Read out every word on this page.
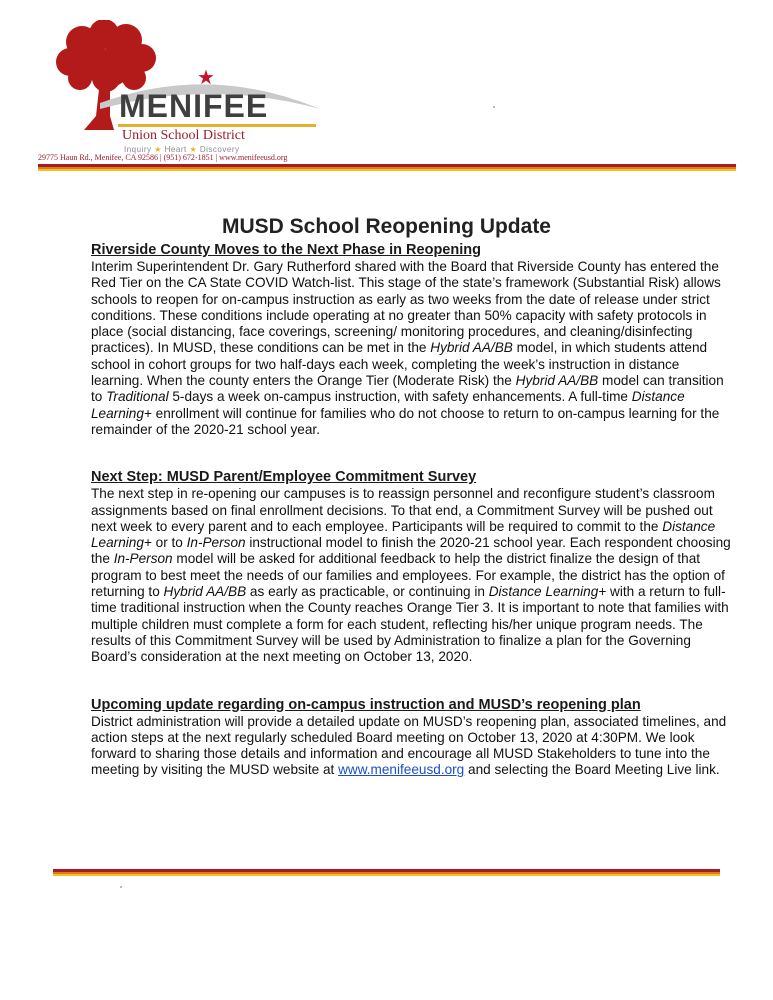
★
MENIFEE
Union School District
Inquiry ★ Heart ★ Discovery
29775 Haun Rd., Menifee, CA 92586 | (951) 672-1851 | www.menifeeusd.org
MUSD School Reopening Update
Riverside County Moves to the Next Phase in Reopening

Interim Superintendent Dr. Gary Rutherford shared with the Board that Riverside County has entered the Red Tier on the CA State COVID Watch-list. This stage of the state’s framework (Substantial Risk) allows schools to reopen for on-campus instruction as early as two weeks from the date of release under strict conditions. These conditions include operating at no greater than 50% capacity with safety protocols in place (social distancing, face coverings, screening/ monitoring procedures, and cleaning/disinfecting practices). In MUSD, these conditions can be met in the Hybrid AA/BB model, in which students attend school in cohort groups for two half-days each week, completing the week’s instruction in distance learning. When the county enters the Orange Tier (Moderate Risk) the Hybrid AA/BB model can transition to Traditional 5-days a week on-campus instruction, with safety enhancements. A full-time Distance Learning+ enrollment will continue for families who do not choose to return to on-campus learning for the remainder of the 2020-21 school year.

Next Step: MUSD Parent/Employee Commitment Survey

The next step in re-opening our campuses is to reassign personnel and reconfigure student’s classroom assignments based on final enrollment decisions. To that end, a Commitment Survey will be pushed out next week to every parent and to each employee. Participants will be required to commit to the Distance Learning+ or to In-Person instructional model to finish the 2020-21 school year. Each respondent choosing the In-Person model will be asked for additional feedback to help the district finalize the design of that program to best meet the needs of our families and employees. For example, the district has the option of returning to Hybrid AA/BB as early as practicable, or continuing in Distance Learning+ with a return to full-time traditional instruction when the County reaches Orange Tier 3. It is important to note that families with multiple children must complete a form for each student, reflecting his/her unique program needs. The results of this Commitment Survey will be used by Administration to finalize a plan for the Governing Board’s consideration at the next meeting on October 13, 2020.

Upcoming update regarding on-campus instruction and MUSD’s reopening plan

District administration will provide a detailed update on MUSD’s reopening plan, associated timelines, and action steps at the next regularly scheduled Board meeting on October 13, 2020 at 4:30PM. We look forward to sharing those details and information and encourage all MUSD Stakeholders to tune into the meeting by visiting the MUSD website at www.menifeeusd.org and selecting the Board Meeting Live link.
